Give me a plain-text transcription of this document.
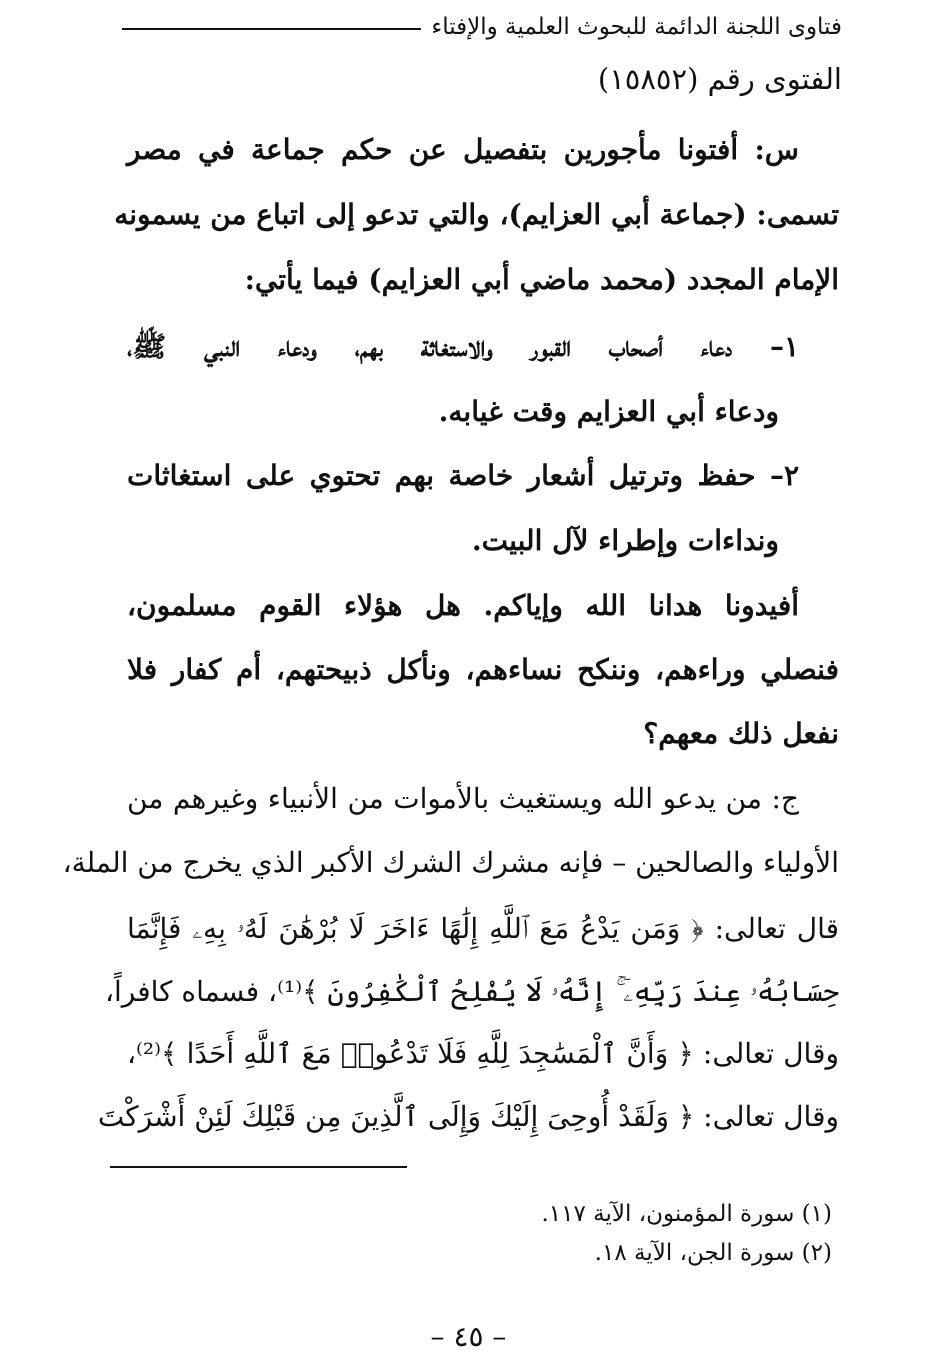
فتاوى اللجنة الدائمة للبحوث العلمية والإفتاء
الفتوى رقم (١٥٨٥٢)
س: أفتونا مأجورين بتفصيل عن حكم جماعة في مصر
تسمى: (جماعة أبي العزايم)، والتي تدعو إلى اتباع من يسمونه
الإمام المجدد (محمد ماضي أبي العزايم) فيما يأتي:
١– دعاء أصحاب القبور والاستغاثة بهم، ودعاء النبي ﷺ،
ودعاء أبي العزايم وقت غيابه.
٢– حفظ وترتيل أشعار خاصة بهم تحتوي على استغاثات
ونداءات وإطراء لآل البيت.
أفيدونا هدانا الله وإياكم. هل هؤلاء القوم مسلمون،
فنصلي وراءهم، وننكح نساءهم، ونأكل ذبيحتهم، أم كفار فلا
نفعل ذلك معهم؟
ج: من يدعو الله ويستغيث بالأموات من الأنبياء وغيرهم من
الأولياء والصالحين – فإنه مشرك الشرك الأكبر الذي يخرج من الملة،
قال تعالى: ﴿ وَمَن يَدْعُ مَعَ ٱللَّهِ إِلَٰهًا ءَاخَرَ لَا بُرْهَٰنَ لَهُۥ بِهِۦ فَإِنَّمَا
حِسَابُهُۥ عِندَ رَبِّهِۦٓ ۚ إِنَّهُۥ لَا يُفْلِحُ ٱلْكَٰفِرُونَ ﴾⁽¹⁾، فسماه كافراً،
وقال تعالى: ﴿ وَأَنَّ ٱلْمَسَٰجِدَ لِلَّهِ فَلَا تَدْعُوا۟ مَعَ ٱللَّهِ أَحَدًا ﴾⁽²⁾،
وقال تعالى: ﴿ وَلَقَدْ أُوحِىَ إِلَيْكَ وَإِلَى ٱلَّذِينَ مِن قَبْلِكَ لَئِنْ أَشْرَكْتَ
(١) سورة المؤمنون، الآية ١١٧.
(٢) سورة الجن، الآية ١٨.
– ٤٥ –
